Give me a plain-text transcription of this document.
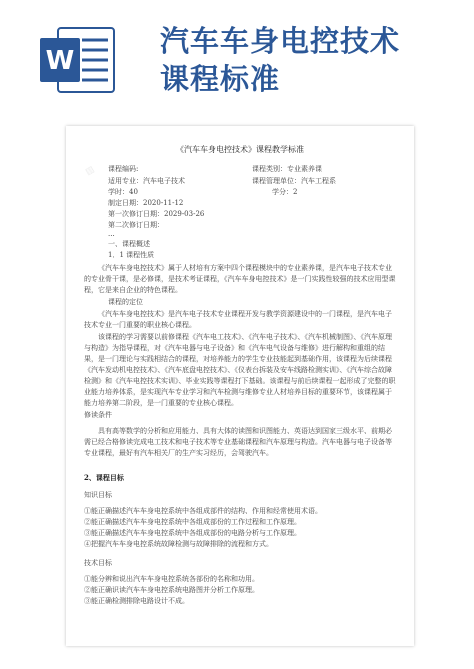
W
汽车车身电控技术
课程标准
▨
《汽车车身电控技术》课程教学标准
课程编码:	课程类别：专业素养课
适用专业：汽车电子技术	课程管理单位：汽车工程系
学时：40	学分：2
制定日期：2020-11-12
第一次修订日期：2029-03-26
第二次修订日期：
...
一、课程概述
1．1 课程性质
《汽车车身电控技术》属于人材培有方案中四个课程模块中的专业素养课，是汽车电子技术专业的专业骨干课，是必修课，是技术考证课程，《汽车车身电控技术》是一门实践性较强的技术应用型课程，它是来自企业的特色课程。
课程的定位
《汽车车身电控技术》是汽车电子技术专业课程开发与教学资源建设中的一门课程，是汽车电子技术专业一门重要的职业核心课程。
该课程的学习需要以前修课程《汽车电工技术》、《汽车电子技术》、《汽车机械制图》、《汽车原理与构造》为指导课程，对《汽车电器与电子设备》和《汽车电气设备与维修》进行解构和重组的结果，是一门理论与实践相结合的课程，对培养能力的学生专业技能起到基础作用，该课程为后续课程《汽车发动机电控技术》、《汽车底盘电控技术》、《仪表台拆装及安车线路检测实训》、《汽车综合故障检测》和《汽车电控技术实训》、毕业实践等课程打下基础。该课程与前后续课程一起形成了完整的职业能力培养体系，是实现汽车专业学习和汽车检测与维修专业人材培养目标的重要环节，该课程属于能力培养第二阶段，是一门重要的专业核心课程。
修读条件
具有高等数学的分析和应用能力、具有大体的读图和识图能力、英语达到国家三级水平、前期必需已经合格修读完成电工技术和电子技术等专业基础课程和汽车原理与构造。汽车电器与电子设备等专业课程，最好有汽车相关厂的生产实习经历，会驾驶汽车。
2、课程目标
知识目标
①能正确描述汽车车身电控系统中各组成部件的结构、作用和经常使用术语。
②能正确描述汽车车身电控系统中各组成部份的工作过程和工作原理。
③能正确描述汽车车身电控系统中各组成部份的电路分析与工作原理。
④把握汽车车身电控系统故障检测与故障排除的流程和方式。
技术目标
①能分辨和说出汽车车身电控系统各部份的名称和功用。
②能正确识读汽车车身电控系统电路图并分析工作原理。
③能正确检测排除电路设计不成。
